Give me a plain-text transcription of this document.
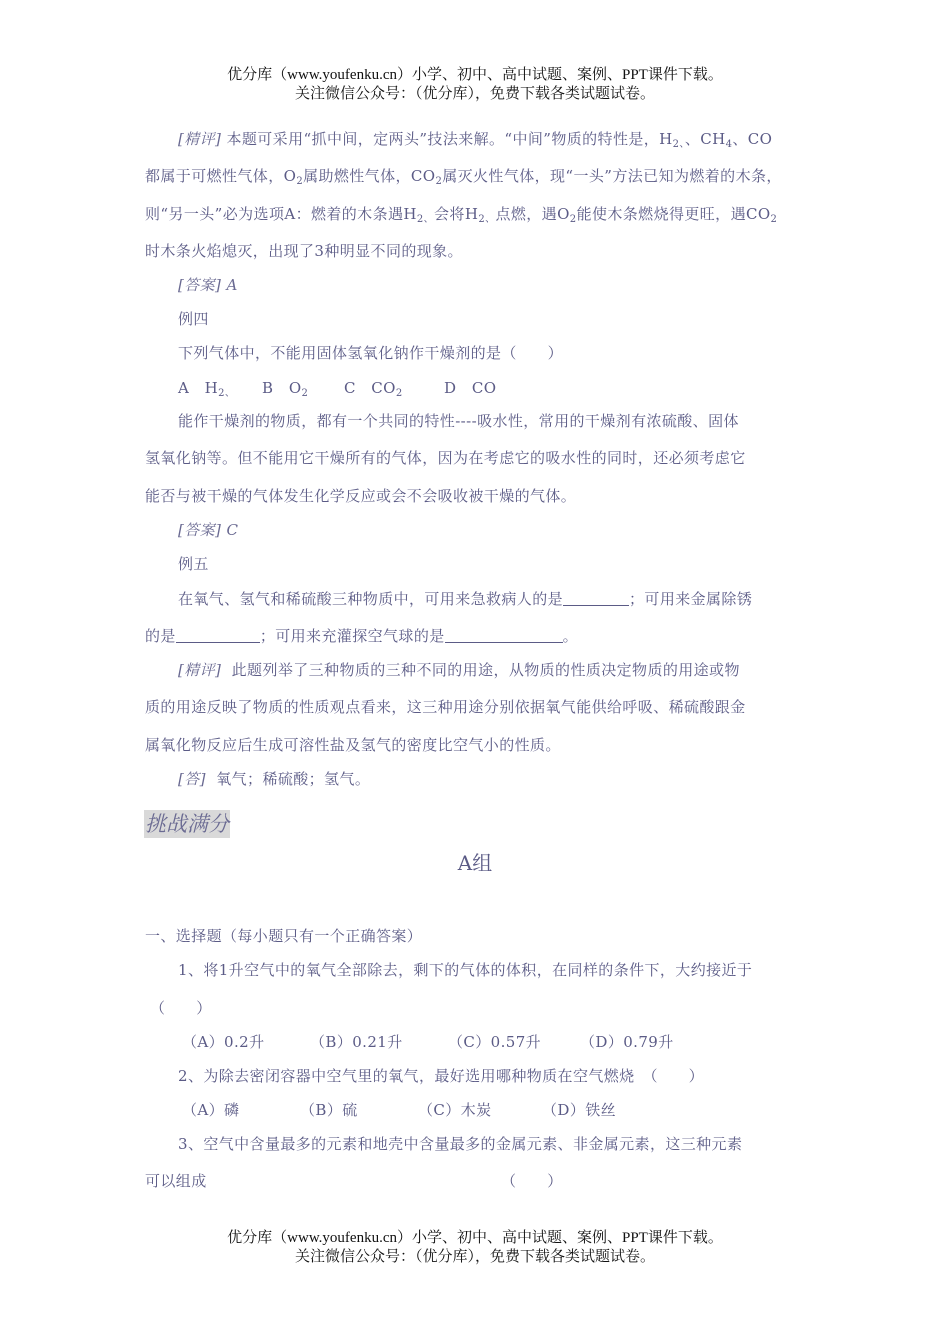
优分库（www.youfenku.cn）小学、初中、高中试题、案例、PPT课件下载。
关注微信公众号：（优分库），免费下载各类试题试卷。
[精评] 本题可采用“抓中间，定两头”技法来解。“中间”物质的特性是，$H_{2、}$、$CH_4$、CO
都属于可燃性气体，$O_2$属助燃性气体，$CO_2$属灭火性气体，现“一头”方法已知为燃着的木条，
则“另一头”必为选项A：燃着的木条遇$H_{2、}$会将$H_{2、}$点燃，遇$O_2$能使木条燃烧得更旺，遇$CO_2$
时木条火焰熄灭，出现了3种明显不同的现象。
[答案] A
例四
下列气体中，不能用固体氢氧化钠作干燥剂的是（　　）
A　$H_{2、}$ B　$O_2$ C　$CO_2$	D　CO
能作干燥剂的物质，都有一个共同的特性----吸水性，常用的干燥剂有浓硫酸、固体
氢氧化钠等。但不能用它干燥所有的气体，因为在考虑它的吸水性的同时，还必须考虑它
能否与被干燥的气体发生化学反应或会不会吸收被干燥的气体。
[答案] C
例五
在氧气、氢气和稀硫酸三种物质中，可用来急救病人的是	；可用来金属除锈
的是	；可用来充灌探空气球的是	。
[精评] 此题列举了三种物质的三种不同的用途，从物质的性质决定物质的用途或物
质的用途反映了物质的性质观点看来，这三种用途分别依据氧气能供给呼吸、稀硫酸跟金
属氧化物反应后生成可溶性盐及氢气的密度比空气小的性质。
[答] 氧气；稀硫酸；氢气。
挑战满分
A组
一、选择题（每小题只有一个正确答案）
1、将1升空气中的氧气全部除去，剩下的气体的体积，在同样的条件下，大约接近于
（　　）
（A）0.2升	（B）0.21升	（C）0.57升	（D）0.79升
2、为除去密闭容器中空气里的氧气，最好选用哪种物质在空气燃烧　（　　）
（A）磷	（B）硫	（C）木炭	（D）铁丝
3、空气中含量最多的元素和地壳中含量最多的金属元素、非金属元素，这三种元素
可以组成	（　　）
优分库（www.youfenku.cn）小学、初中、高中试题、案例、PPT课件下载。
关注微信公众号：（优分库），免费下载各类试题试卷。
